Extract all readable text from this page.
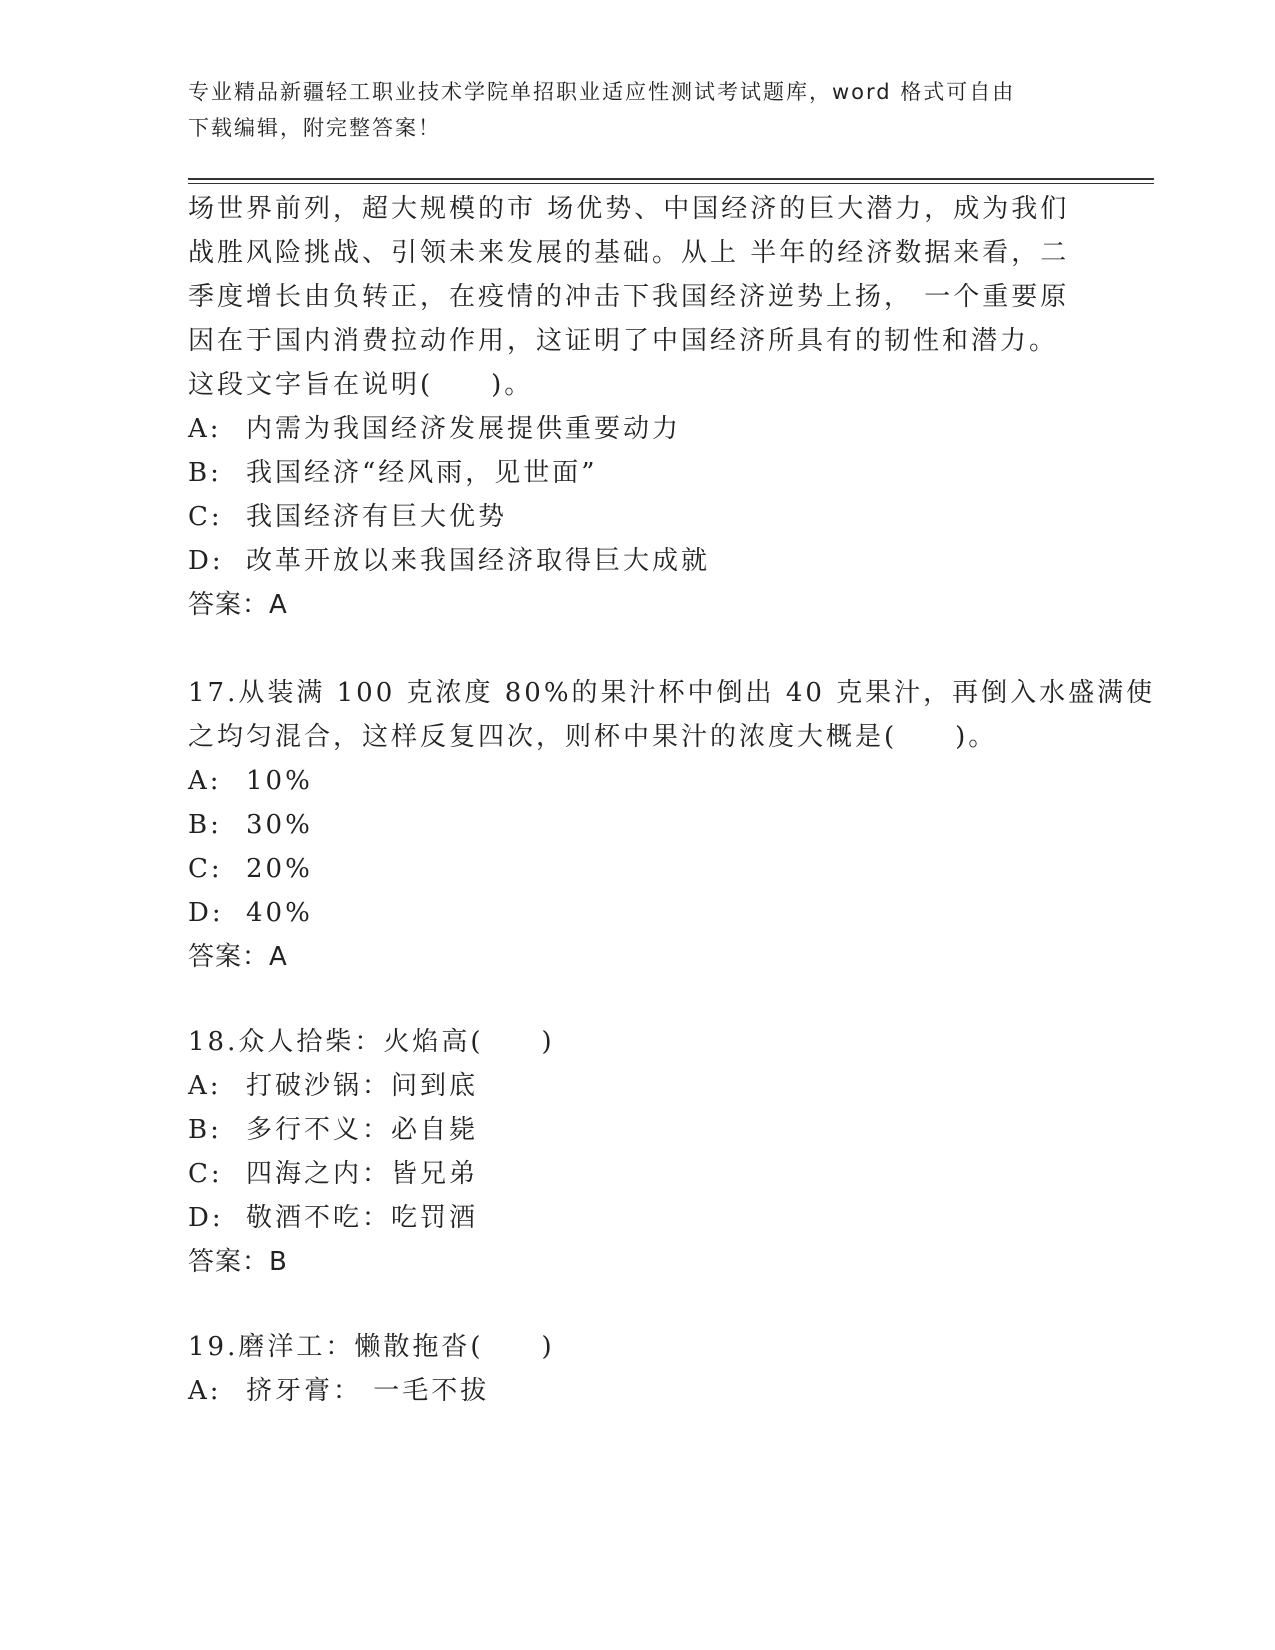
专业精品新疆轻工职业技术学院单招职业适应性测试考试题库，word 格式可自由
下载编辑，附完整答案！
场世界前列，超大规模的市 场优势、中国经济的巨大潜力，成为我们
战胜风险挑战、引领未来发展的基础。从上 半年的经济数据来看，二
季度增长由负转正，在疫情的冲击下我国经济逆势上扬， 一个重要原
因在于国内消费拉动作用，这证明了中国经济所具有的韧性和潜力。
这段文字旨在说明(　　)。
A: 内需为我国经济发展提供重要动力
B: 我国经济“经风雨，见世面”
C: 我国经济有巨大优势
D: 改革开放以来我国经济取得巨大成就
答案：A
17.从装满 100 克浓度 80%的果汁杯中倒出 40 克果汁，再倒入水盛满使
之均匀混合，这样反复四次，则杯中果汁的浓度大概是(　　)。
A: 10%
B: 30%
C: 20%
D: 40%
答案：A
18.众人拾柴：火焰高(　　)
A: 打破沙锅：问到底
B: 多行不义：必自毙
C: 四海之内：皆兄弟
D: 敬酒不吃：吃罚酒
答案：B
19.磨洋工：懒散拖沓(　　)
A: 挤牙膏： 一毛不拔
